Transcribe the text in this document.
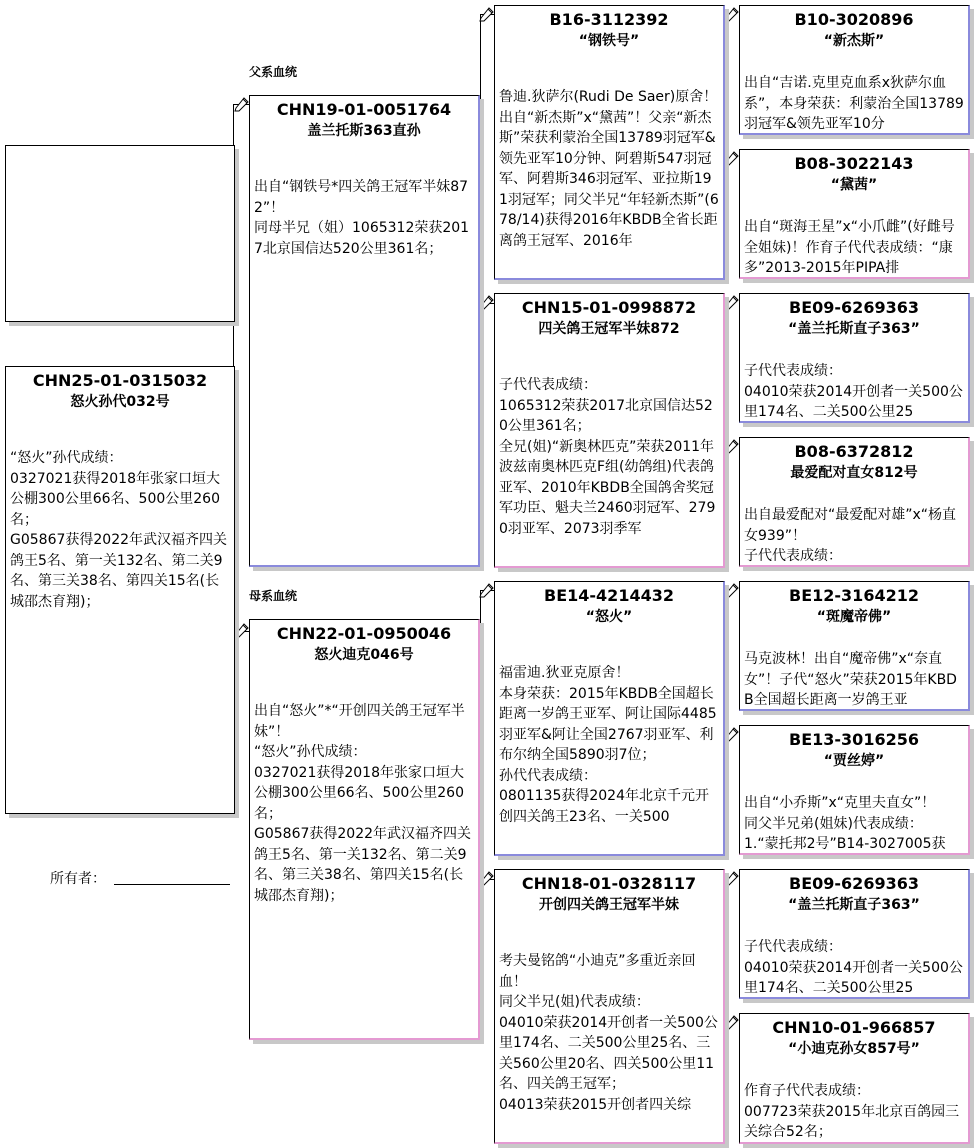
父系血统
母系血统
CHN25-01-0315032
怒火孙代032号
“怒火”孙代成绩：
0327021获得2018年张家口垣大公棚300公里66名、500公里260名；
G05867获得2022年武汉福齐四关鸽王5名、第一关132名、第二关9名、第三关38名、第四关15名(长城邵杰育翔)；
所有者：
CHN19-01-0051764
盖兰托斯363直孙
出自“钢铁号*四关鸽王冠军半妹872”！
同母半兄（姐）1065312荣获2017北京国信达520公里361名；
CHN22-01-0950046
怒火迪克046号
出自“怒火”*“开创四关鸽王冠军半妹”！
“怒火”孙代成绩：
0327021获得2018年张家口垣大公棚300公里66名、500公里260名；
G05867获得2022年武汉福齐四关鸽王5名、第一关132名、第二关9名、第三关38名、第四关15名(长城邵杰育翔)；
B16-3112392
“钢铁号”
鲁迪.狄萨尔(Rudi De Saer)原舍！出自“新杰斯”x“黛茜”！父亲“新杰斯”荣获利蒙治全国13789羽冠军&领先亚军10分钟、阿碧斯547羽冠军、阿碧斯346羽冠军、亚拉斯191羽冠军；同父半兄“年轻新杰斯”(678/14)获得2016年KBDB全省长距离鸽王冠军、2016年
CHN15-01-0998872
四关鸽王冠军半妹872
子代代表成绩：
1065312荣获2017北京国信达520公里361名；
全兄(姐)“新奥林匹克”荣获2011年波兹南奥林匹克F组(幼鸽组)代表鸽亚军、2010年KBDB全国鸽舍奖冠军功臣、魁夫兰2460羽冠军、2790羽亚军、2073羽季军
BE14-4214432
“怒火”
福雷迪.狄亚克原舍！
本身荣获：2015年KBDB全国超长距离一岁鸽王亚军、阿让国际4485羽亚军&阿让全国2767羽亚军、利布尔纳全国5890羽7位；
孙代代表成绩：
0801135获得2024年北京千元开创四关鸽王23名、一关500
CHN18-01-0328117
开创四关鸽王冠军半妹
考夫曼铭鸽“小迪克”多重近亲回血！
同父半兄(姐)代表成绩：
04010荣获2014开创者一关500公里174名、二关500公里25名、三关560公里20名、四关500公里11名、四关鸽王冠军；
04013荣获2015开创者四关综
B10-3020896
“新杰斯”
出自“吉诺.克里克血系x狄萨尔血系”，本身荣获：利蒙治全国13789羽冠军&领先亚军10分
B08-3022143
“黛茜”
出自“斑海王星”x“小爪雌”(好雌号全姐妹)！作育子代代表成绩：“康多”2013-2015年PIPA排
BE09-6269363
“盖兰托斯直子363”
子代代表成绩：
04010荣获2014开创者一关500公里174名、二关500公里25
B08-6372812
最爱配对直女812号
出自最爱配对“最爱配对雄”x“杨直女939”！
子代代表成绩：
BE12-3164212
“斑魔帝佛”
马克波林！出自“魔帝佛”x“奈直女”！子代“怒火”荣获2015年KBDB全国超长距离一岁鸽王亚
BE13-3016256
“贾丝婷”
出自“小乔斯”x“克里夫直女”！
同父半兄弟(姐妹)代表成绩：
1.“蒙托邦2号”B14-3027005获
BE09-6269363
“盖兰托斯直子363”
子代代表成绩：
04010荣获2014开创者一关500公里174名、二关500公里25
CHN10-01-966857
“小迪克孙女857号”
作育子代代表成绩：
007723荣获2015年北京百鸽园三关综合52名；
